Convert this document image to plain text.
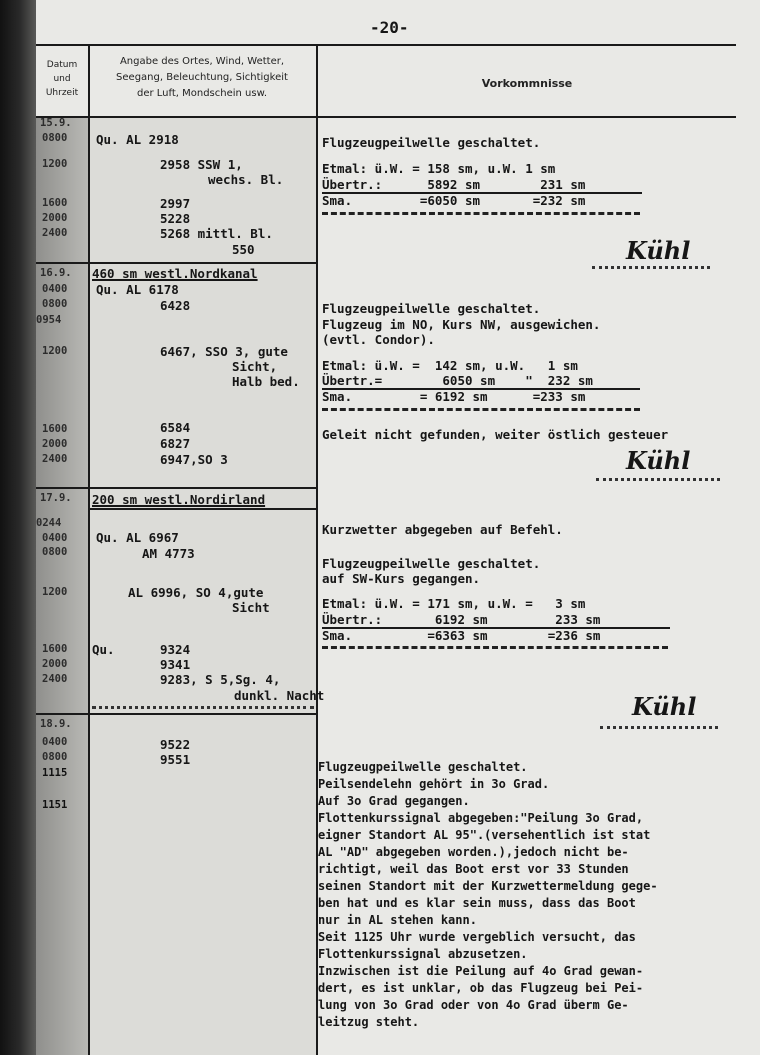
-20-
Datum
und
Uhrzeit
Angabe des Ortes, Wind, Wetter,
Seegang, Beleuchtung, Sichtigkeit
der Luft, Mondschein usw.
Vorkommnisse
15.9.
0800
1200
1600
2000
2400
16.9.
0400
0800
0954
1200
1600
2000
2400
17.9.
0244
0400
0800
1200
1600
2000
2400
18.9.
0400
0800
1115
1151
Qu. AL 2918
2958 SSW 1,
wechs. Bl.
2997
5228
5268 mittl. Bl.
550
460 sm westl.Nordkanal
Qu. AL 6178
6428
6467, SSO 3, gute
Sicht,
Halb bed.
6584
6827
6947,SO 3
200 sm westl.Nordirland
Qu. AL 6967
AM 4773
AL 6996, SO 4,gute
Sicht
Qu.	9324
9341
9283, S 5,Sg. 4,
dunkl. Nacht
9522
9551
Flugzeugpeilwelle geschaltet.
Etmal: ü.W. = 158 sm, u.W. 1 sm
Übertr.:      5892 sm        231 sm
Sma.         =6050 sm       =232 sm
Kühl
Flugzeugpeilwelle geschaltet.
Flugzeug im NO, Kurs NW, ausgewichen.
(evtl. Condor).
Etmal: ü.W. =  142 sm, u.W.   1 sm
Übertr.=        6050 sm    "  232 sm
Sma.         = 6192 sm      =233 sm
Geleit nicht gefunden, weiter östlich gesteuer
Kühl
Kurzwetter abgegeben auf Befehl.
Flugzeugpeilwelle geschaltet.
auf SW-Kurs gegangen.
Etmal: ü.W. = 171 sm, u.W. =   3 sm
Übertr.:       6192 sm         233 sm
Sma.          =6363 sm        =236 sm
Kühl
Flugzeugpeilwelle geschaltet.
Peilsendelehn gehört in 3o Grad.
Auf 3o Grad gegangen.
Flottenkurssignal abgegeben:"Peilung 3o Grad,
eigner Standort AL 95".(versehentlich ist stat
AL "AD" abgegeben worden.),jedoch nicht be-
richtigt, weil das Boot erst vor 33 Stunden
seinen Standort mit der Kurzwettermeldung gege-
ben hat und es klar sein muss, dass das Boot
nur in AL stehen kann.
Seit 1125 Uhr wurde vergeblich versucht, das
Flottenkurssignal abzusetzen.
Inzwischen ist die Peilung auf 4o Grad gewan-
dert, es ist unklar, ob das Flugzeug bei Pei-
lung von 3o Grad oder von 4o Grad überm Ge-
leitzug steht.
